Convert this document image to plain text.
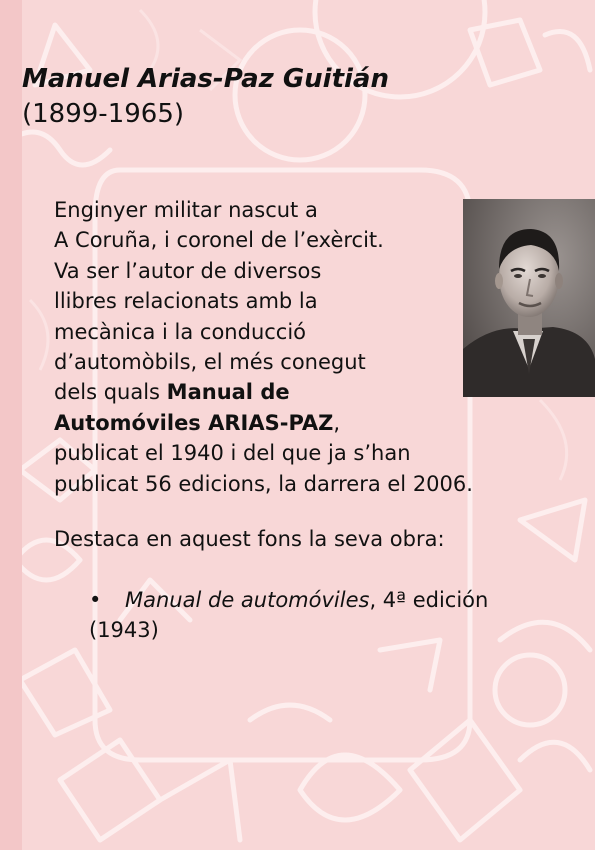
Manuel Arias-Paz Guitián
(1899-1965)

Enginyer militar nascut a
A Coruña, i coronel de l’exèrcit.
Va ser l’autor de diversos
llibres relacionats amb la
mecànica i la conducció
d’automòbils, el més conegut
dels quals Manual de
Automóviles ARIAS-PAZ,
publicat el 1940 i del que ja s’han
publicat 56 edicions, la darrera el 2006.

Destaca en aquest fons la seva obra:

• Manual de automóviles, 4ª edición
(1943)
